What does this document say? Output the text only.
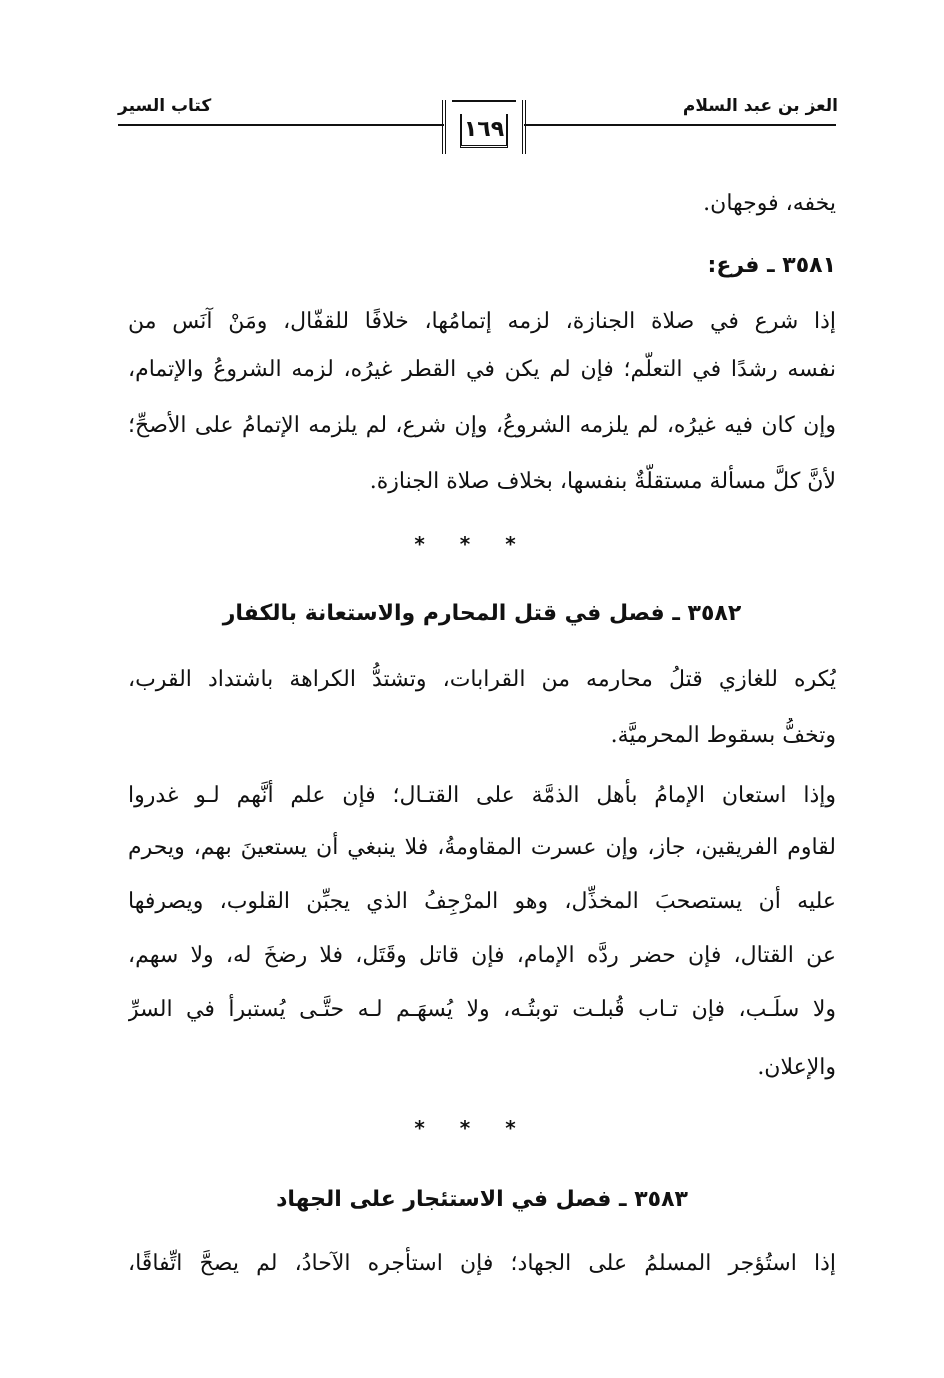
العز بن عبد السلام
كتاب السير
١٦٩
يخفه، فوجهان.
٣٥٨١ ـ فرع:
إذا شرع في صلاة الجنازة، لزمه إتمامُها، خلافًا للقفّال، ومَنْ آنَس من
نفسه رشدًا في التعلُّم؛ فإن لم يكن في القطر غيرُه، لزمه الشروعُ والإتمام،
وإن كان فيه غيرُه، لم يلزمه الشروعُ، وإن شرع، لم يلزمه الإتمامُ على الأصحِّ؛
لأنَّ كلَّ مسألة مستقلَّةٌ بنفسها، بخلاف صلاة الجنازة.
* * *
٣٥٨٢ ـ فصل في قتل المحارم والاستعانة بالكفار
يُكره للغازي قتلُ محارمه من القرابات، وتشتدُّ الكراهة باشتداد القرب،
وتخفُّ بسقوط المحرميَّة.
وإذا استعان الإمامُ بأهل الذمَّة على القتـال؛ فإن علم أنَّهم لـو غدروا
لقاوم الفريقين، جاز، وإن عسرت المقاومةُ، فلا ينبغي أن يستعينَ بهم، ويحرم
عليه أن يستصحبَ المخذِّل، وهو المرْجِفُ الذي يجبِّن القلوب، ويصرفها
عن القتال، فإن حضر ردَّه الإمام، فإن قاتل وقَتَل، فلا رضخَ له، ولا سهم،
ولا سلَـب، فإن تـاب قُبلـت توبتُـه، ولا يُسهَـم لـه حتَّـى يُستبرأ في السرِّ
والإعلان.
* * *
٣٥٨٣ ـ فصل في الاستئجار على الجهاد
إذا استُؤجر المسلمُ على الجهاد؛ فإن استأجره الآحادُ، لم يصحَّ اتِّفاقًا،
